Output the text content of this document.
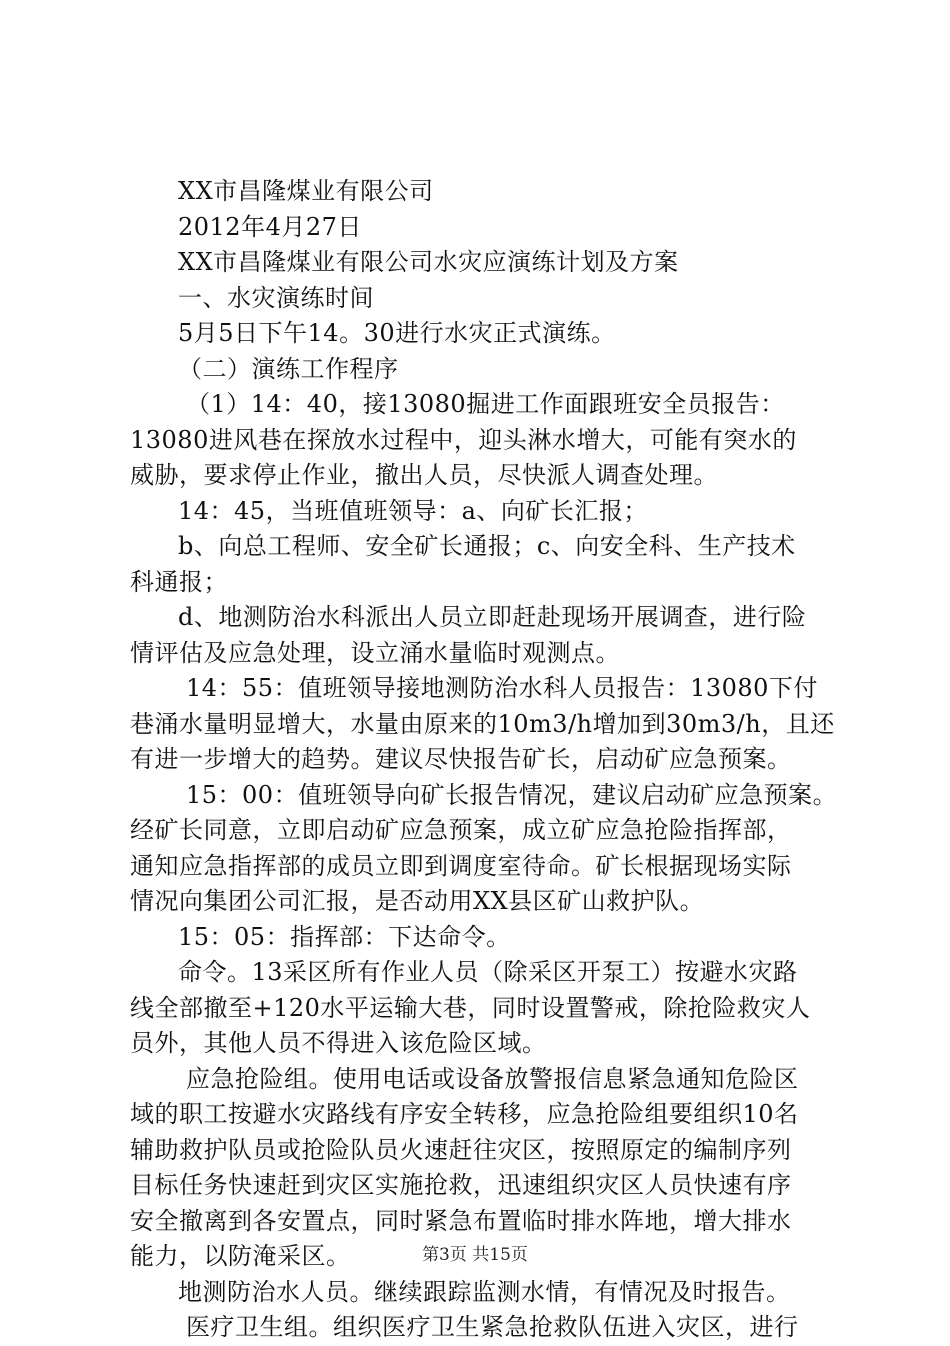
XX市昌隆煤业有限公司
2012年4月27日
XX市昌隆煤业有限公司水灾应演练计划及方案
一、水灾演练时间
5月5日下午14。30进行水灾正式演练。
（二）演练工作程序
（1）14：40，接13080掘进工作面跟班安全员报告：
13080进风巷在探放水过程中，迎头淋水增大，可能有突水的
威胁，要求停止作业，撤出人员，尽快派人调查处理。
14：45，当班值班领导：a、向矿长汇报；
b、向总工程师、安全矿长通报；c、向安全科、生产技术
科通报；
d、地测防治水科派出人员立即赶赴现场开展调查，进行险
情评估及应急处理，设立涌水量临时观测点。
14：55：值班领导接地测防治水科人员报告：13080下付
巷涌水量明显增大，水量由原来的10m3/h增加到30m3/h，且还
有进一步增大的趋势。建议尽快报告矿长，启动矿应急预案。
15：00：值班领导向矿长报告情况，建议启动矿应急预案。
经矿长同意，立即启动矿应急预案，成立矿应急抢险指挥部，
通知应急指挥部的成员立即到调度室待命。矿长根据现场实际
情况向集团公司汇报，是否动用XX县区矿山救护队。
15：05：指挥部：下达命令。
命令。13采区所有作业人员（除采区开泵工）按避水灾路
线全部撤至+120水平运输大巷，同时设置警戒，除抢险救灾人
员外，其他人员不得进入该危险区域。
应急抢险组。使用电话或设备放警报信息紧急通知危险区
域的职工按避水灾路线有序安全转移，应急抢险组要组织10名
辅助救护队员或抢险队员火速赶往灾区，按照原定的编制序列
目标任务快速赶到灾区实施抢救，迅速组织灾区人员快速有序
安全撤离到各安置点，同时紧急布置临时排水阵地，增大排水
能力，以防淹采区。
地测防治水人员。继续跟踪监测水情，有情况及时报告。
医疗卫生组。组织医疗卫生紧急抢救队伍进入灾区，进行
第3页 共15页
